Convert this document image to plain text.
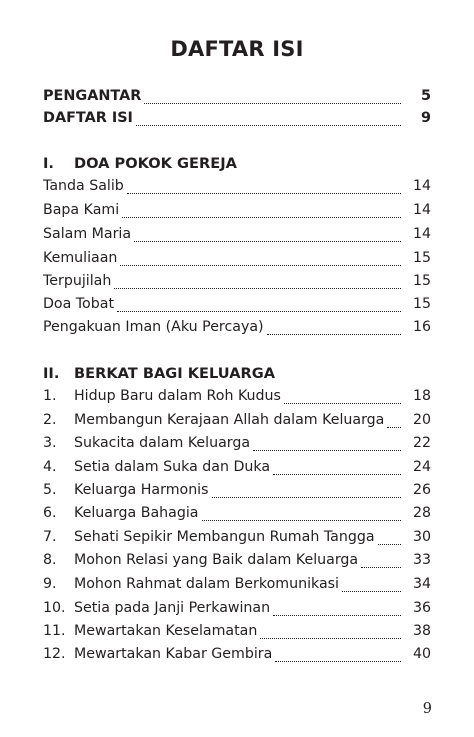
DAFTAR ISI
PENGANTAR	5
DAFTAR ISI	9
I.	DOA POKOK GEREJA
Tanda Salib	14
Bapa Kami	14
Salam Maria	14
Kemuliaan	15
Terpujilah	15
Doa Tobat	15
Pengakuan Iman (Aku Percaya)	16
II. BERKAT BAGI KELUARGA
1.	Hidup Baru dalam Roh Kudus	18
2.	Membangun Kerajaan Allah dalam Keluarga	20
3.	Sukacita dalam Keluarga	22
4.	Setia dalam Suka dan Duka	24
5.	Keluarga Harmonis	26
6.	Keluarga Bahagia	28
7.	Sehati Sepikir Membangun Rumah Tangga	30
8.	Mohon Relasi yang Baik dalam Keluarga	33
9.	Mohon Rahmat dalam Berkomunikasi	34
10. Setia pada Janji Perkawinan	36
11. Mewartakan Keselamatan	38
12. Mewartakan Kabar Gembira	40
9
